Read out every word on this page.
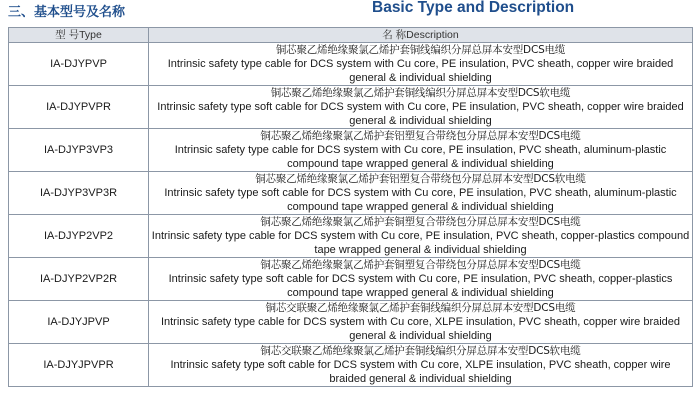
三、基本型号及名称	Basic Type and Description
型 号Type	名 称Description
IA-DJYPVP	铜芯聚乙烯绝缘聚氯乙烯护套铜线编织分屏总屏本安型DCS电缆
Intrinsic safety type cable for DCS system with Cu core, PE insulation, PVC sheath, copper wire braided general & individual shielding

IA-DJYPVPR	铜芯聚乙烯绝缘聚氯乙烯护套铜线编织分屏总屏本安型DCS软电缆
Intrinsic safety type soft cable for DCS system with Cu core, PE insulation, PVC sheath, copper wire braided general & individual shielding

IA-DJYP3VP3	铜芯聚乙烯绝缘聚氯乙烯护套铝塑复合带绕包分屏总屏本安型DCS电缆
Intrinsic safety type cable for DCS system with Cu core, PE insulation, PVC sheath, aluminum-plastic compound tape wrapped general & individual shielding

IA-DJYP3VP3R	铜芯聚乙烯绝缘聚氯乙烯护套铝塑复合带绕包分屏总屏本安型DCS软电缆
Intrinsic safety type soft cable for DCS system with Cu core, PE insulation, PVC sheath, aluminum-plastic compound tape wrapped general & individual shielding

IA-DJYP2VP2	铜芯聚乙烯绝缘聚氯乙烯护套铜塑复合带绕包分屏总屏本安型DCS电缆
Intrinsic safety type cable for DCS system with Cu core, PE insulation, PVC sheath, copper-plastics compound tape wrapped general & individual shielding

IA-DJYP2VP2R	铜芯聚乙烯绝缘聚氯乙烯护套铜塑复合带绕包分屏总屏本安型DCS电缆
Intrinsic safety type soft cable for DCS system with Cu core, PE insulation, PVC sheath, copper-plastics compound tape wrapped general & individual shielding

IA-DJYJPVP	铜芯交联聚乙烯绝缘聚氯乙烯护套铜线编织分屏总屏本安型DCS电缆
Intrinsic safety type cable for DCS system with Cu core, XLPE insulation, PVC sheath, copper wire braided general & individual shielding

IA-DJYJPVPR	铜芯交联聚乙烯绝缘聚氯乙烯护套铜线编织分屏总屏本安型DCS软电缆
Intrinsic safety type soft cable for DCS system with Cu core, XLPE insulation, PVC sheath, copper wire braided general & individual shielding
